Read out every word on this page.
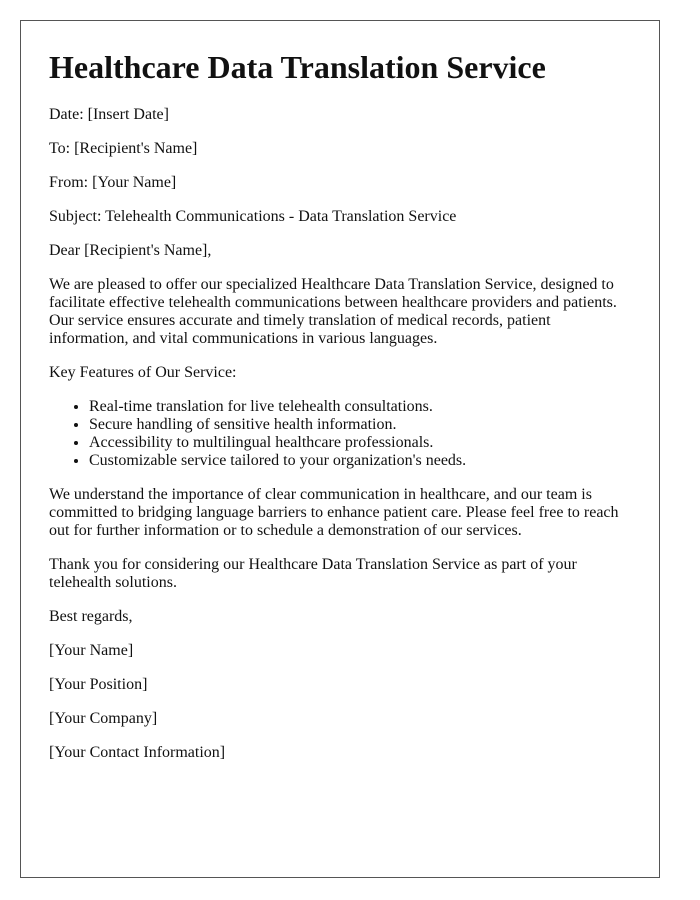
Healthcare Data Translation Service

Date: [Insert Date]

To: [Recipient's Name]

From: [Your Name]

Subject: Telehealth Communications - Data Translation Service

Dear [Recipient's Name],

We are pleased to offer our specialized Healthcare Data Translation Service, designed to facilitate effective telehealth communications between healthcare providers and patients. Our service ensures accurate and timely translation of medical records, patient information, and vital communications in various languages.

Key Features of Our Service:

• Real-time translation for live telehealth consultations.
• Secure handling of sensitive health information.
• Accessibility to multilingual healthcare professionals.
• Customizable service tailored to your organization's needs.

We understand the importance of clear communication in healthcare, and our team is committed to bridging language barriers to enhance patient care. Please feel free to reach out for further information or to schedule a demonstration of our services.

Thank you for considering our Healthcare Data Translation Service as part of your telehealth solutions.

Best regards,

[Your Name]

[Your Position]

[Your Company]

[Your Contact Information]
